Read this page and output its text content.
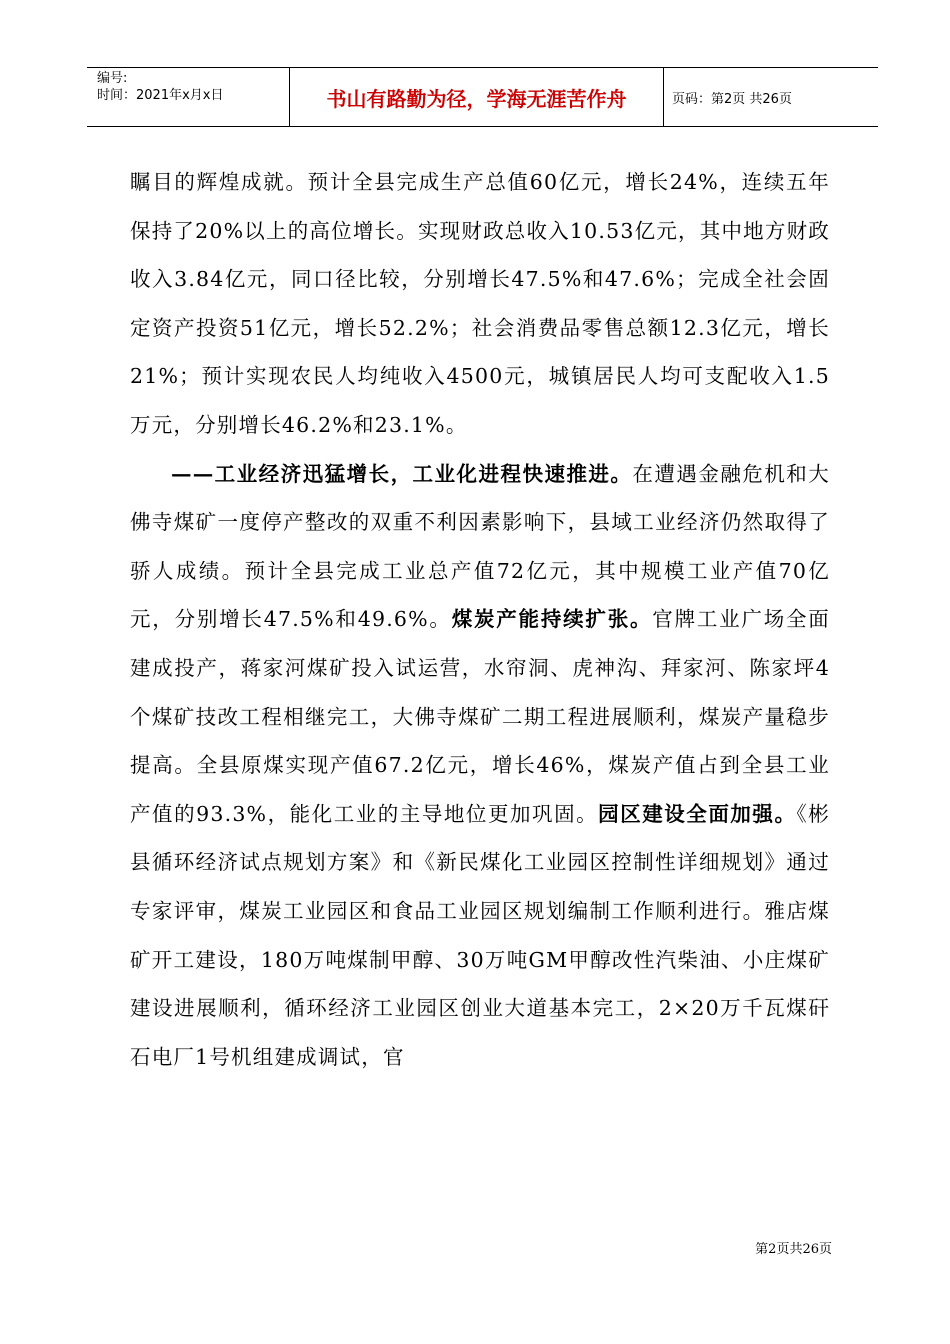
编号:
时间：2021年x月x日	书山有路勤为径，学海无涯苦作舟	页码：第2页 共26页

瞩目的辉煌成就。预计全县完成生产总值60亿元，增长24%，连续五年保持了20%以上的高位增长。实现财政总收入10.53亿元，其中地方财政收入3.84亿元，同口径比较，分别增长47.5%和47.6%；完成全社会固定资产投资51亿元，增长52.2%；社会消费品零售总额12.3亿元，增长21%；预计实现农民人均纯收入4500元，城镇居民人均可支配收入1.5万元，分别增长46.2%和23.1%。

——工业经济迅猛增长，工业化进程快速推进。在遭遇金融危机和大佛寺煤矿一度停产整改的双重不利因素影响下，县域工业经济仍然取得了骄人成绩。预计全县完成工业总产值72亿元，其中规模工业产值70亿元，分别增长47.5%和49.6%。煤炭产能持续扩张。官牌工业广场全面建成投产，蒋家河煤矿投入试运营，水帘洞、虎神沟、拜家河、陈家坪4个煤矿技改工程相继完工，大佛寺煤矿二期工程进展顺利，煤炭产量稳步提高。全县原煤实现产值67.2亿元，增长46%，煤炭产值占到全县工业产值的93.3%，能化工业的主导地位更加巩固。园区建设全面加强。《彬县循环经济试点规划方案》和《新民煤化工业园区控制性详细规划》通过专家评审，煤炭工业园区和食品工业园区规划编制工作顺利进行。雅店煤矿开工建设，180万吨煤制甲醇、30万吨GM甲醇改性汽柴油、小庄煤矿建设进展顺利，循环经济工业园区创业大道基本完工，2×20万千瓦煤矸石电厂1号机组建成调试，官

第2页共26页
